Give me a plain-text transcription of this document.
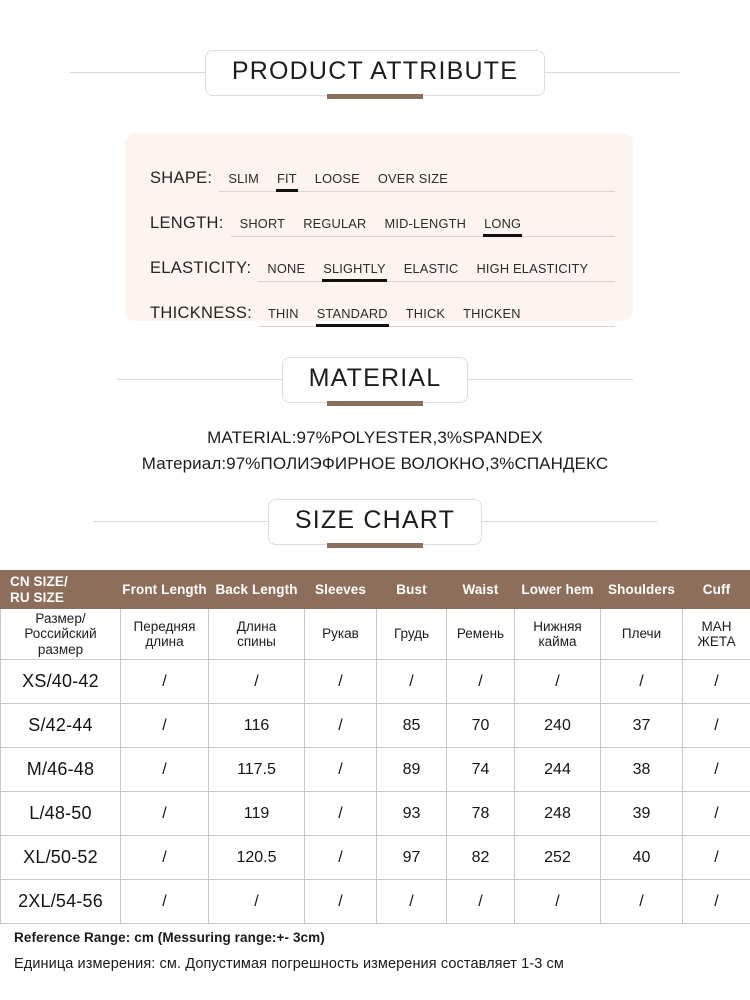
PRODUCT ATTRIBUTE
SHAPE:	SLIM	FIT	LOOSE	OVER SIZE
LENGTH:	SHORT	REGULAR	MID-LENGTH	LONG
ELASTICITY:	NONE	SLIGHTLY	ELASTIC	HIGH ELASTICITY
THICKNESS:	THIN	STANDARD	THICK	THICKEN
MATERIAL
MATERIAL:97%POLYESTER,3%SPANDEX
Материал:97%ПОЛИЭФИРНОЕ ВОЛОКНО,3%СПАНДЕКС
SIZE CHART
CN SIZE/
RU SIZE	Front Length	Back Length	Sleeves	Bust	Waist	Lower hem	Shoulders	Cuff
Размер/
Российский
размер	Передняя
длина	Длина
спины	Рукав	Грудь	Ремень	Нижняя
кайма	Плечи	МАН
ЖЕТА
XS/40-42	/	/	/	/	/	/	/	/
S/42-44	/	116	/	85	70	240	37	/
M/46-48	/	117.5	/	89	74	244	38	/
L/48-50	/	119	/	93	78	248	39	/
XL/50-52	/	120.5	/	97	82	252	40	/
2XL/54-56	/	/	/	/	/	/	/	/
Reference Range: cm (Messuring range:+- 3cm)
Единица измерения: см. Допустимая погрешность измерения составляет 1-3 см
